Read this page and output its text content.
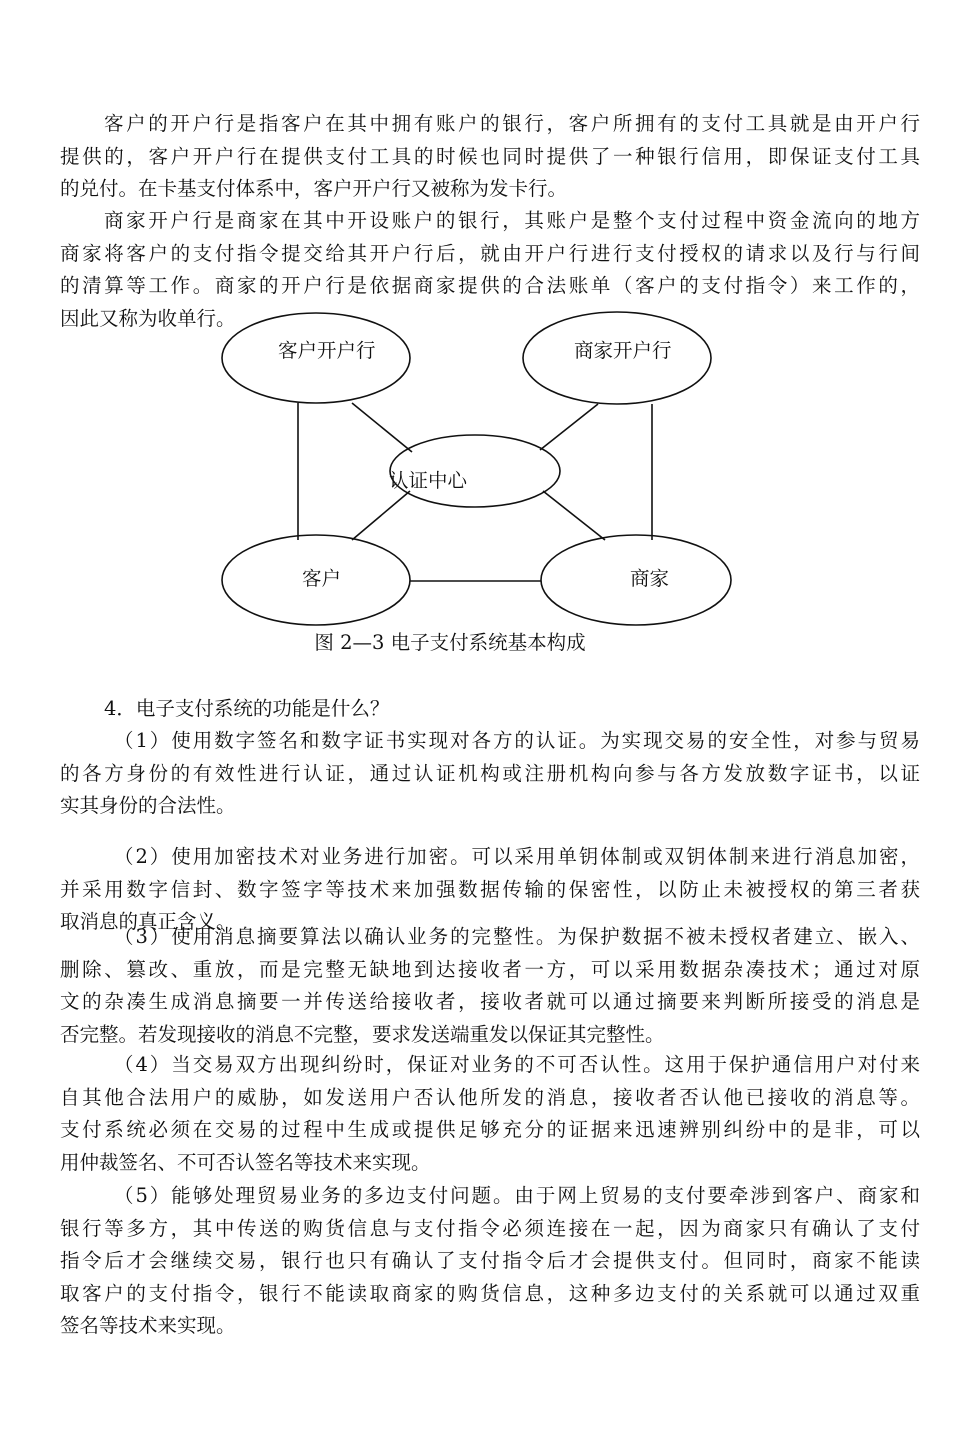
客户的开户行是指客户在其中拥有账户的银行，客户所拥有的支付工具就是由开户行
提供的，客户开户行在提供支付工具的时候也同时提供了一种银行信用，即保证支付工具
的兑付。在卡基支付体系中，客户开户行又被称为发卡行。

商家开户行是商家在其中开设账户的银行，其账户是整个支付过程中资金流向的地方
商家将客户的支付指令提交给其开户行后，就由开户行进行支付授权的请求以及行与行间
的清算等工作。商家的开户行是依据商家提供的合法账单（客户的支付指令）来工作的，
因此又称为收单行。

客户开户行	商家开户行
认证中心
客户	商家
图 2—3 电子支付系统基本构成
4．电子支付系统的功能是什么？

（1）使用数字签名和数字证书实现对各方的认证。为实现交易的安全性，对参与贸易
的各方身份的有效性进行认证，通过认证机构或注册机构向参与各方发放数字证书，以证
实其身份的合法性。

（2）使用加密技术对业务进行加密。可以采用单钥体制或双钥体制来进行消息加密，
并采用数字信封、数字签字等技术来加强数据传输的保密性，以防止未被授权的第三者获
取消息的真正含义。

（3）使用消息摘要算法以确认业务的完整性。为保护数据不被未授权者建立、嵌入、
删除、篡改、重放，而是完整无缺地到达接收者一方，可以采用数据杂凑技术；通过对原
文的杂凑生成消息摘要一并传送给接收者，接收者就可以通过摘要来判断所接受的消息是
否完整。若发现接收的消息不完整，要求发送端重发以保证其完整性。

（4）当交易双方出现纠纷时，保证对业务的不可否认性。这用于保护通信用户对付来
自其他合法用户的威胁，如发送用户否认他所发的消息，接收者否认他已接收的消息等。
支付系统必须在交易的过程中生成或提供足够充分的证据来迅速辨别纠纷中的是非，可以
用仲裁签名、不可否认签名等技术来实现。

（5）能够处理贸易业务的多边支付问题。由于网上贸易的支付要牵涉到客户、商家和
银行等多方，其中传送的购货信息与支付指令必须连接在一起，因为商家只有确认了支付
指令后才会继续交易，银行也只有确认了支付指令后才会提供支付。但同时，商家不能读
取客户的支付指令，银行不能读取商家的购货信息，这种多边支付的关系就可以通过双重
签名等技术来实现。
